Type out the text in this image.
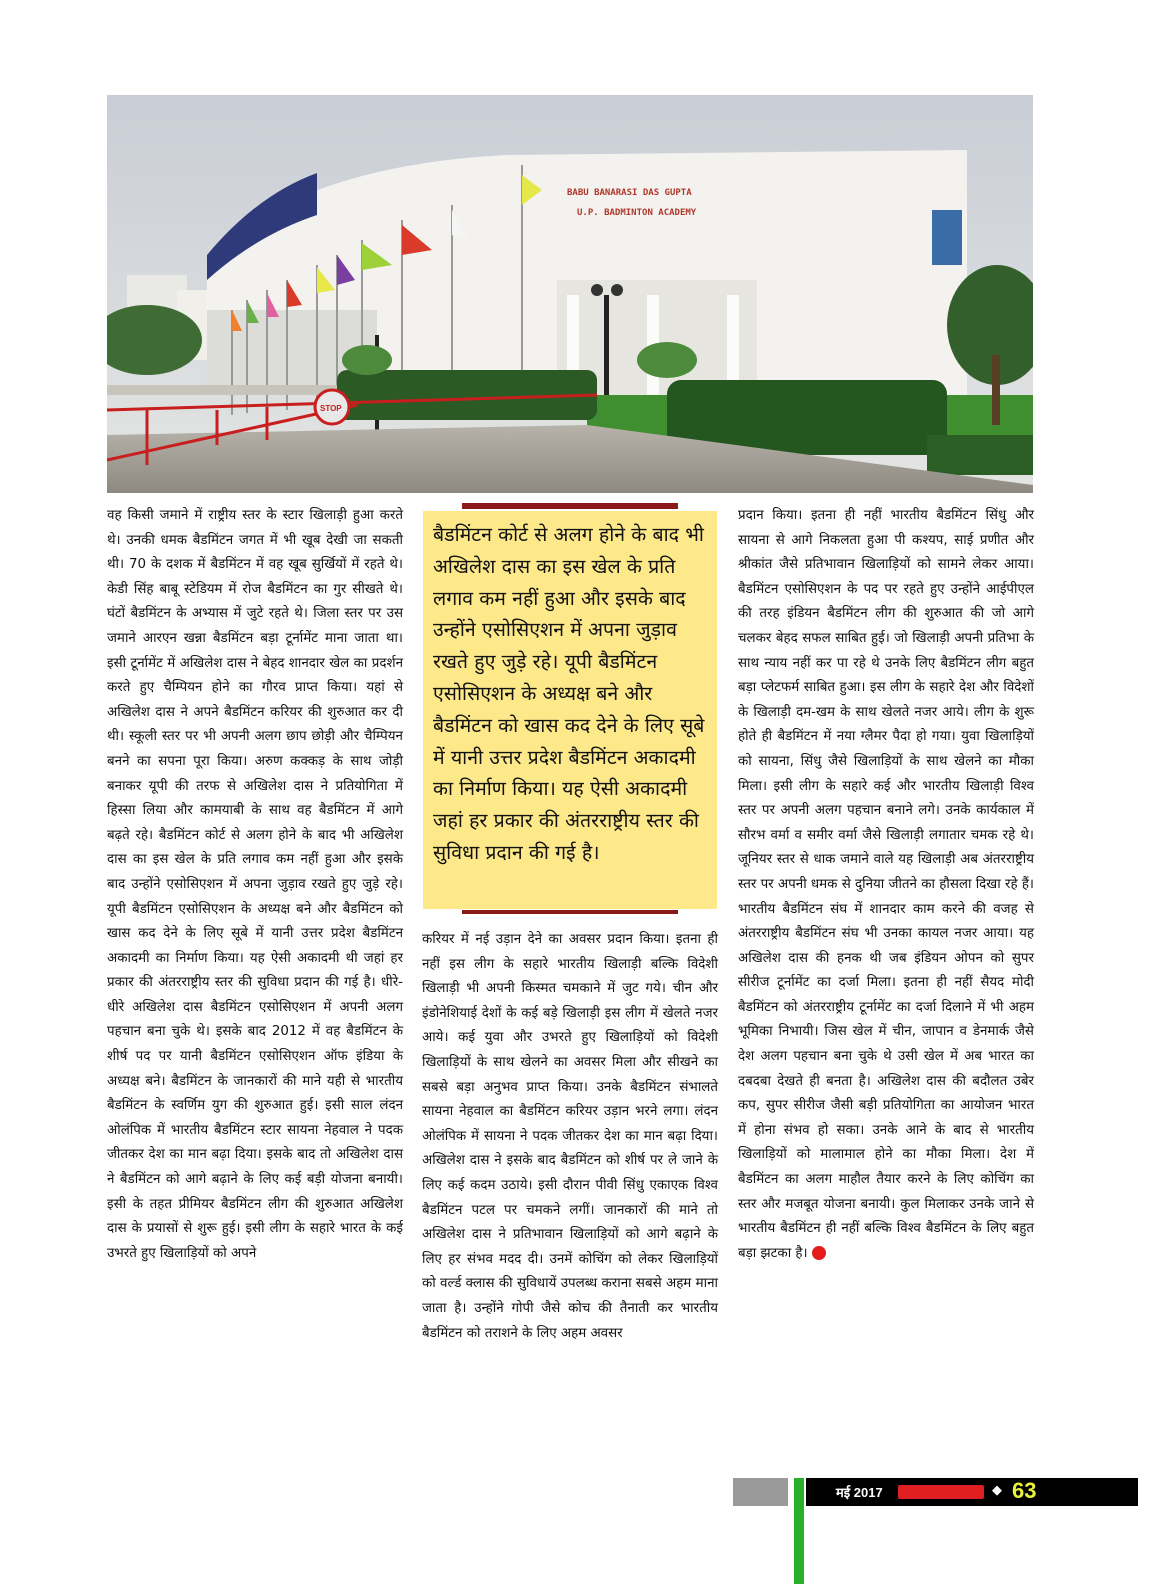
BABU BANARASI DAS GUPTA
U.P. BADMINTON ACADEMY
STOP

वह किसी जमाने में राष्ट्रीय स्तर के स्टार खिलाड़ी हुआ करते थे। उनकी धमक बैडमिंटन जगत में भी खूब देखी जा सकती थी। 70 के दशक में बैडमिंटन में वह खूब सुर्खियों में रहते थे। केडी सिंह बाबू स्टेडियम में रोज बैडमिंटन का गुर सीखते थे। घंटों बैडमिंटन के अभ्यास में जुटे रहते थे। जिला स्तर पर उस जमाने आरएन खन्ना बैडमिंटन बड़ा टूर्नामेंट माना जाता था। इसी टूर्नामेंट में अखिलेश दास ने बेहद शानदार खेल का प्रदर्शन करते हुए चैम्पियन होने का गौरव प्राप्त किया। यहां से अखिलेश दास ने अपने बैडमिंटन करियर की शुरुआत कर दी थी। स्कूली स्तर पर भी अपनी अलग छाप छोड़ी और चैम्पियन बनने का सपना पूरा किया। अरुण कक्कड़ के साथ जोड़ी बनाकर यूपी की तरफ से अखिलेश दास ने प्रतियोगिता में हिस्सा लिया और कामयाबी के साथ वह बैडमिंटन में आगे बढ़ते रहे। बैडमिंटन कोर्ट से अलग होने के बाद भी अखिलेश दास का इस खेल के प्रति लगाव कम नहीं हुआ और इसके बाद उन्होंने एसोसिएशन में अपना जुड़ाव रखते हुए जुड़े रहे। यूपी बैडमिंटन एसोसिएशन के अध्यक्ष बने और बैडमिंटन को खास कद देने के लिए सूबे में यानी उत्तर प्रदेश बैडमिंटन अकादमी का निर्माण किया। यह ऐसी अकादमी थी जहां हर प्रकार की अंतरराष्ट्रीय स्तर की सुविधा प्रदान की गई है। धीरे-धीरे अखिलेश दास बैडमिंटन एसोसिएशन में अपनी अलग पहचान बना चुके थे। इसके बाद 2012 में वह बैडमिंटन के शीर्ष पद पर यानी बैडमिंटन एसोसिएशन ऑफ इंडिया के अध्यक्ष बने। बैडमिंटन के जानकारों की माने यही से भारतीय बैडमिंटन के स्वर्णिम युग की शुरुआत हुई। इसी साल लंदन ओलंपिक में भारतीय बैडमिंटन स्टार सायना नेहवाल ने पदक जीतकर देश का मान बढ़ा दिया। इसके बाद तो अखिलेश दास ने बैडमिंटन को आगे बढ़ाने के लिए कई बड़ी योजना बनायी। इसी के तहत प्रीमियर बैडमिंटन लीग की शुरुआत अखिलेश दास के प्रयासों से शुरू हुई। इसी लीग के सहारे भारत के कई उभरते हुए खिलाड़ियों को अपने

बैडमिंटन कोर्ट से अलग होने के बाद भी अखिलेश दास का इस खेल के प्रति लगाव कम नहीं हुआ और इसके बाद उन्होंने एसोसिएशन में अपना जुड़ाव रखते हुए जुड़े रहे। यूपी बैडमिंटन एसोसिएशन के अध्यक्ष बने और बैडमिंटन को खास कद देने के लिए सूबे में यानी उत्तर प्रदेश बैडमिंटन अकादमी का निर्माण किया। यह ऐसी अकादमी जहां हर प्रकार की अंतरराष्ट्रीय स्तर की सुविधा प्रदान की गई है।

करियर में नई उड़ान देने का अवसर प्रदान किया। इतना ही नहीं इस लीग के सहारे भारतीय खिलाड़ी बल्कि विदेशी खिलाड़ी भी अपनी किस्मत चमकाने में जुट गये। चीन और इंडोनेशियाई देशों के कई बड़े खिलाड़ी इस लीग में खेलते नजर आये। कई युवा और उभरते हुए खिलाड़ियों को विदेशी खिलाड़ियों के साथ खेलने का अवसर मिला और सीखने का सबसे बड़ा अनुभव प्राप्त किया। उनके बैडमिंटन संभालते सायना नेहवाल का बैडमिंटन करियर उड़ान भरने लगा। लंदन ओलंपिक में सायना ने पदक जीतकर देश का मान बढ़ा दिया। अखिलेश दास ने इसके बाद बैडमिंटन को शीर्ष पर ले जाने के लिए कई कदम उठाये। इसी दौरान पीवी सिंधु एकाएक विश्व बैडमिंटन पटल पर चमकने लगीं। जानकारों की माने तो अखिलेश दास ने प्रतिभावान खिलाड़ियों को आगे बढ़ाने के लिए हर संभव मदद दी। उनमें कोचिंग को लेकर खिलाड़ियों को वर्ल्ड क्लास की सुविधायें उपलब्ध कराना सबसे अहम माना जाता है। उन्होंने गोपी जैसे कोच की तैनाती कर भारतीय बैडमिंटन को तराशने के लिए अहम अवसर

प्रदान किया। इतना ही नहीं भारतीय बैडमिंटन सिंधु और सायना से आगे निकलता हुआ पी कश्यप, साई प्रणीत और श्रीकांत जैसे प्रतिभावान खिलाड़ियों को सामने लेकर आया। बैडमिंटन एसोसिएशन के पद पर रहते हुए उन्होंने आईपीएल की तरह इंडियन बैडमिंटन लीग की शुरुआत की जो आगे चलकर बेहद सफल साबित हुई। जो खिलाड़ी अपनी प्रतिभा के साथ न्याय नहीं कर पा रहे थे उनके लिए बैडमिंटन लीग बहुत बड़ा प्लेटफर्म साबित हुआ। इस लीग के सहारे देश और विदेशों के खिलाड़ी दम-खम के साथ खेलते नजर आये। लीग के शुरू होते ही बैडमिंटन में नया ग्लैमर पैदा हो गया। युवा खिलाड़ियों को सायना, सिंधु जैसे खिलाड़ियों के साथ खेलने का मौका मिला। इसी लीग के सहारे कई और भारतीय खिलाड़ी विश्व स्तर पर अपनी अलग पहचान बनाने लगे। उनके कार्यकाल में सौरभ वर्मा व समीर वर्मा जैसे खिलाड़ी लगातार चमक रहे थे। जूनियर स्तर से धाक जमाने वाले यह खिलाड़ी अब अंतरराष्ट्रीय स्तर पर अपनी धमक से दुनिया जीतने का हौसला दिखा रहे हैं। भारतीय बैडमिंटन संघ में शानदार काम करने की वजह से अंतरराष्ट्रीय बैडमिंटन संघ भी उनका कायल नजर आया। यह अखिलेश दास की हनक थी जब इंडियन ओपन को सुपर सीरीज टूर्नामेंट का दर्जा मिला। इतना ही नहीं सैयद मोदी बैडमिंटन को अंतरराष्ट्रीय टूर्नामेंट का दर्जा दिलाने में भी अहम भूमिका निभायी। जिस खेल में चीन, जापान व डेनमार्क जैसे देश अलग पहचान बना चुके थे उसी खेल में अब भारत का दबदबा देखते ही बनता है। अखिलेश दास की बदौलत उबेर कप, सुपर सीरीज जैसी बड़ी प्रतियोगिता का आयोजन भारत में होना संभव हो सका। उनके आने के बाद से भारतीय खिलाड़ियों को मालामाल होने का मौका मिला। देश में बैडमिंटन का अलग माहौल तैयार करने के लिए कोचिंग का स्तर और मजबूत योजना बनायी। कुल मिलाकर उनके जाने से भारतीय बैडमिंटन ही नहीं बल्कि विश्व बैडमिंटन के लिए बहुत बड़ा झटका है।

मई 2017	◆ 63
